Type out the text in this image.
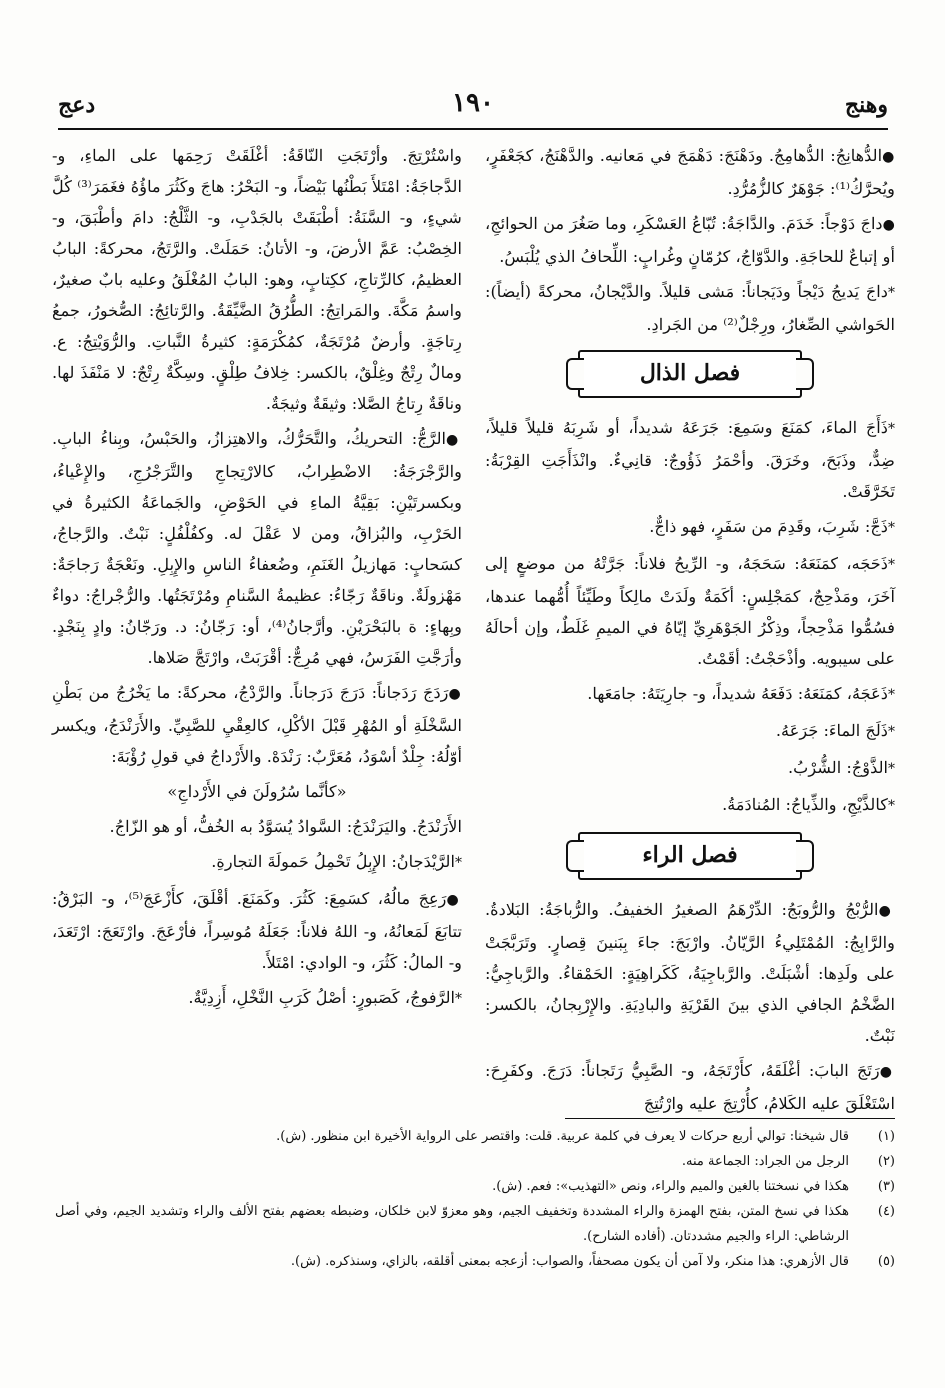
وهنج
١٩٠
دعج
●الدُّهانِجُ: الدُّهامِجُ. ودَهْنَجَ: دَهْمَجَ في مَعانيه. والدَّهْنَجُ، كجَعْفَرٍ، ويُحرَّكُ⁽¹⁾: جَوْهَرٌ كالزُّمُرُّدِ.
●داجَ دَوْجاً: خَدَمَ. والدَّاجَةُ: تُبّاعُ العَسْكَرِ، وما صَغُرَ من الحوائجِ، أو إتباعٌ للحاجَةِ. والدَّوّاجُ، كرُمّانٍ وغُرابٍ: اللِّحافُ الذي يُلْبَسُ.
*داجَ يَديجُ دَيْجاً ودَيَجاناً: مَشى قليلاً. والدَّيْجانُ، محركةً (أيضاً): الحَواشي الصِّغارُ، ورِجْلٌ⁽²⁾ من الجَرادِ.
فصل الذال
*ذَأَجَ الماءَ، كمَنَعَ وسَمِعَ: جَرَعَهُ شديداً، أو شَرِبَهُ قليلاً قليلاً، ضِدٌّ، وذَبَحَ، وخَرَقَ. وأحْمَرُ ذَؤُوجٌ: قانِيءٌ. وانْذَأَجَتِ القِرْبَةُ: تَخَرَّقَتْ.
*ذَجَّ: شَرِبَ، وقَدِمَ من سَفَرٍ، فهو ذاجٌّ.
*ذَحَجَه، كمَنَعَهُ: سَحَجَهُ، و- الرِّيحُ فلاناً: جَرَّتْهُ من موضعٍ إلى آخَرَ، ومَذْحِجٌ، كمَجْلِسٍ: أكَمَةٌ ولَدَتْ مالِكاً وطَيِّئاً أُمُّهما عندها، فسُمُّوا مَذْحِجاً، وذِكْرُ الجَوْهَرِيِّ إيّاهُ في الميمِ غَلَطٌ، وإن أحالَهُ على سيبويه. وأذْحَجْتُ: أقَمْتُ.
*ذَعَجَهُ، كمَنَعَهُ: دَفَعَهُ شديداً، و- جارِيَتَهُ: جامَعَها.
*ذَلَجَ الماءَ: جَرَعَهُ.
*الذَّوْجُ: الشُّرْبُ.
*كالذَّيْجِ، والذِّياجُ: المُنادَمَةُ.
فصل الراء
●الرُّبْجُ والرُّوبَجُ: الدِّرْهَمُ الصغيرُ الخفيفُ. والرُّباجَةُ: البَلادةُ. والرَّابِجُ: المُمْتَلِيءُ الرَّيّانُ. وارْبَجَ: جاءَ بِبَنينَ قِصارٍ. وتَرَبَّجَتْ على ولَدِها: أشْبَلَتْ. والرَّباجِيَةُ، كَكَراهِيَةٍ: الحَمْقاءُ. والرَّباجِيُّ: الضَّخْمُ الجافي الذي بينَ القَرْيَةِ والبادِيَةِ. والإِرْبِجانُ، بالكسر: نَبْتٌ.
●رَتَجَ البابَ: أغْلَقَهُ، كأَرْتَجَهُ، و- الصَّبِيُّ رَتَجاناً: دَرَجَ. وكفَرِحَ: اسْتَغْلَقَ عليه الكَلامُ، كأُرْتِجَ عليه وارْتُتِجَ
واسْتُرْتِجَ. وأرْتَجَتِ النّاقَةُ: أغْلَقَتْ رَحِمَها على الماءِ، و- الدَّجاجَةُ: امْتَلأَ بَطْنُها بَيْضاً، و- البَحْرُ: هاجَ وكَثُرَ ماؤُهُ فغَمَرَ⁽³⁾ كُلَّ شيءٍ، و- السَّنَةُ: أطْبَقَتْ بالجَدْبِ، و- الثَّلْجُ: دامَ وأطْبَقَ، و- الخِصْبُ: عَمَّ الأرضَ، و- الأتانُ: حَمَلَتْ. والرَّتَجُ، محركةً: البابُ العظيمُ، كالرِّتاجِ، ككِتابٍ، وهو: البابُ المُغْلَقُ وعليه بابٌ صغيرٌ، واسمُ مَكَّةَ. والمَراتِجُ: الطُّرُقُ الضَّيِّقَةُ. والرَّتائِجُ: الصُّخورُ، جمعُ رِتاجَةٍ. وأرضٌ مُرْتَجَةٌ، كمُكْرَمَةٍ: كثيرةُ النَّباتِ. والرُّوَيْتِجُ: ع. ومالٌ رِتْجٌ وغِلْقٌ، بالكسر: خِلافُ طِلْقٍ. وسِكَّةٌ رِتْجٌ: لا مَنْفَذَ لها. وناقَةٌ رِتاجُ الصَّلا: وثيقَةٌ وثيجَةٌ.
●الرَّجُّ: التحريكُ، والتَّحَرُّكُ، والاهتِزازُ، والحَبْسُ، وبِناءُ البابِ. والرَّجْرَجَةُ: الاضْطِرابُ، كالارْتِجاجِ والتَّرَجْرُجِ، والإِعْياءُ، وبكسرتَيْنِ: بَقِيَّةُ الماءِ في الحَوْضِ، والجَماعَةُ الكثيرةُ في الحَرْبِ، والبُزاقُ، ومن لا عَقْلَ له. وكفُلْفُلٍ: نَبْتٌ. والرَّجاجُ، كسَحابٍ: مَهازيلُ الغَنَمِ، وضُعفاءُ الناسِ والإِبِلِ. ونَعْجَةٌ رَجاجَةٌ: مَهْزولَةٌ. وناقَةٌ رَجّاءُ: عظيمةُ السَّنامِ ومُرْتَجَتُها. والرُّجْراجُ: دواءٌ وبِهاءٍ: ة بالبَحْرَيْنِ. وأرَّجانُ⁽⁴⁾، أو: رَجّانُ: د. ورَجّانُ: وادٍ بِنَجْدٍ. وأرَجَّتِ الفَرَسُ، فهي مُرِجٌّ: أقْرَبَتْ، وارْتَجَّ صَلاها.
●رَدَجَ رَدَجاناً: دَرَجَ دَرَجاناً. والرَّدْجُ، محركةً: ما يَخْرُجُ من بَطْنِ السَّخْلَةِ أو المُهْرِ قَبْلَ الأكْلِ، كالعِقْيِ للصَّبِيِّ. والأَرَنْدَجُ، ويكسر أوّلُهُ: جِلْدٌ أسْوَدُ، مُعَرَّبٌ: رَنْدَهْ. والأَرْداجُ في قولِ رُؤْبَةَ:
«كأنَّما سُرُولَنَ في الأَرْداجِ»
الأَرَنْدَجُ. واليَرَنْدَجُ: السَّوادُ يُسَوَّدُ به الخُفُّ، أو هو الزّاجُ.
*الرَّيْدَجانُ: الإِبِلُ تَحْمِلُ حَمولَةَ التجارةِ.
●رَعِجَ مالُهُ، كسَمِعَ: كَثُرَ. وكَمَنَعَ. أقْلَقَ، كأَزْعَجَ⁽⁵⁾، و- البَرْقُ: تتابَعَ لَمَعانُهُ، و- اللهُ فلاناً: جَعَلَهُ مُوسِراً، فأرْعَجَ. وارْتَعَجَ: ارْتَعَدَ، و- المالُ: كَثُرَ، و- الوادي: امْتَلأَ.
*الرَّفوجُ، كَصَبورٍ: أصْلُ كَرَبِ النَّخْلِ، أَزِدِيَّةٌ.
(١)
قال شيخنا: توالي أربع حركات لا يعرف في كلمة عربية. قلت: واقتصر على الرواية الأخيرة ابن منظور. (ش).
(٢)
الرجل من الجراد: الجماعة منه.
(٣)
هكذا في نسختنا بالغين والميم والراء، ونص «التهذيب»: فعم. (ش).
(٤)
هكذا في نسخ المتن، بفتح الهمزة والراء المشددة وتخفيف الجيم، وهو معزوّ لابن خلكان، وضبطه بعضهم بفتح الألف والراء وتشديد الجيم، وفي أصل الرشاطي: الراء والجيم مشددتان. (أفاده الشارح).
(٥)
قال الأزهري: هذا منكر، ولا آمن أن يكون مصحفاً، والصواب: أزعجه بمعنى أقلقه، بالزاي، وسنذكره. (ش).
